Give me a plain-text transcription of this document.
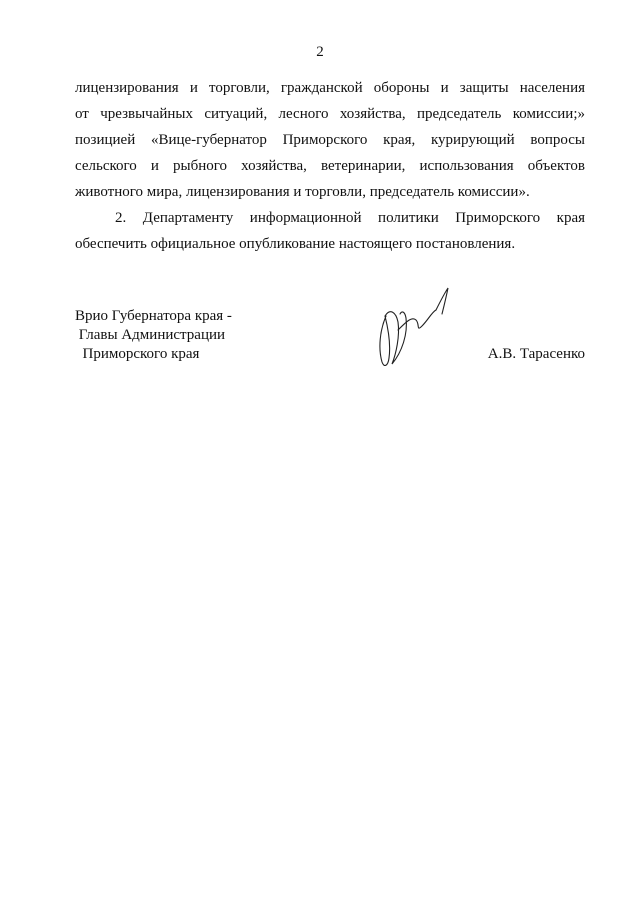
2
лицензирования и торговли, гражданской обороны и защиты населения
от чрезвычайных ситуаций, лесного хозяйства, председатель комиссии;»
позицией «Вице-губернатор Приморского края, курирующий вопросы
сельского и рыбного хозяйства, ветеринарии, использования объектов
животного мира, лицензирования и торговли, председатель комиссии».
2. Департаменту информационной политики Приморского края
обеспечить официальное опубликование настоящего постановления.
Врио Губернатора края -
Главы Администрации
Приморского края	А.В. Тарасенко
